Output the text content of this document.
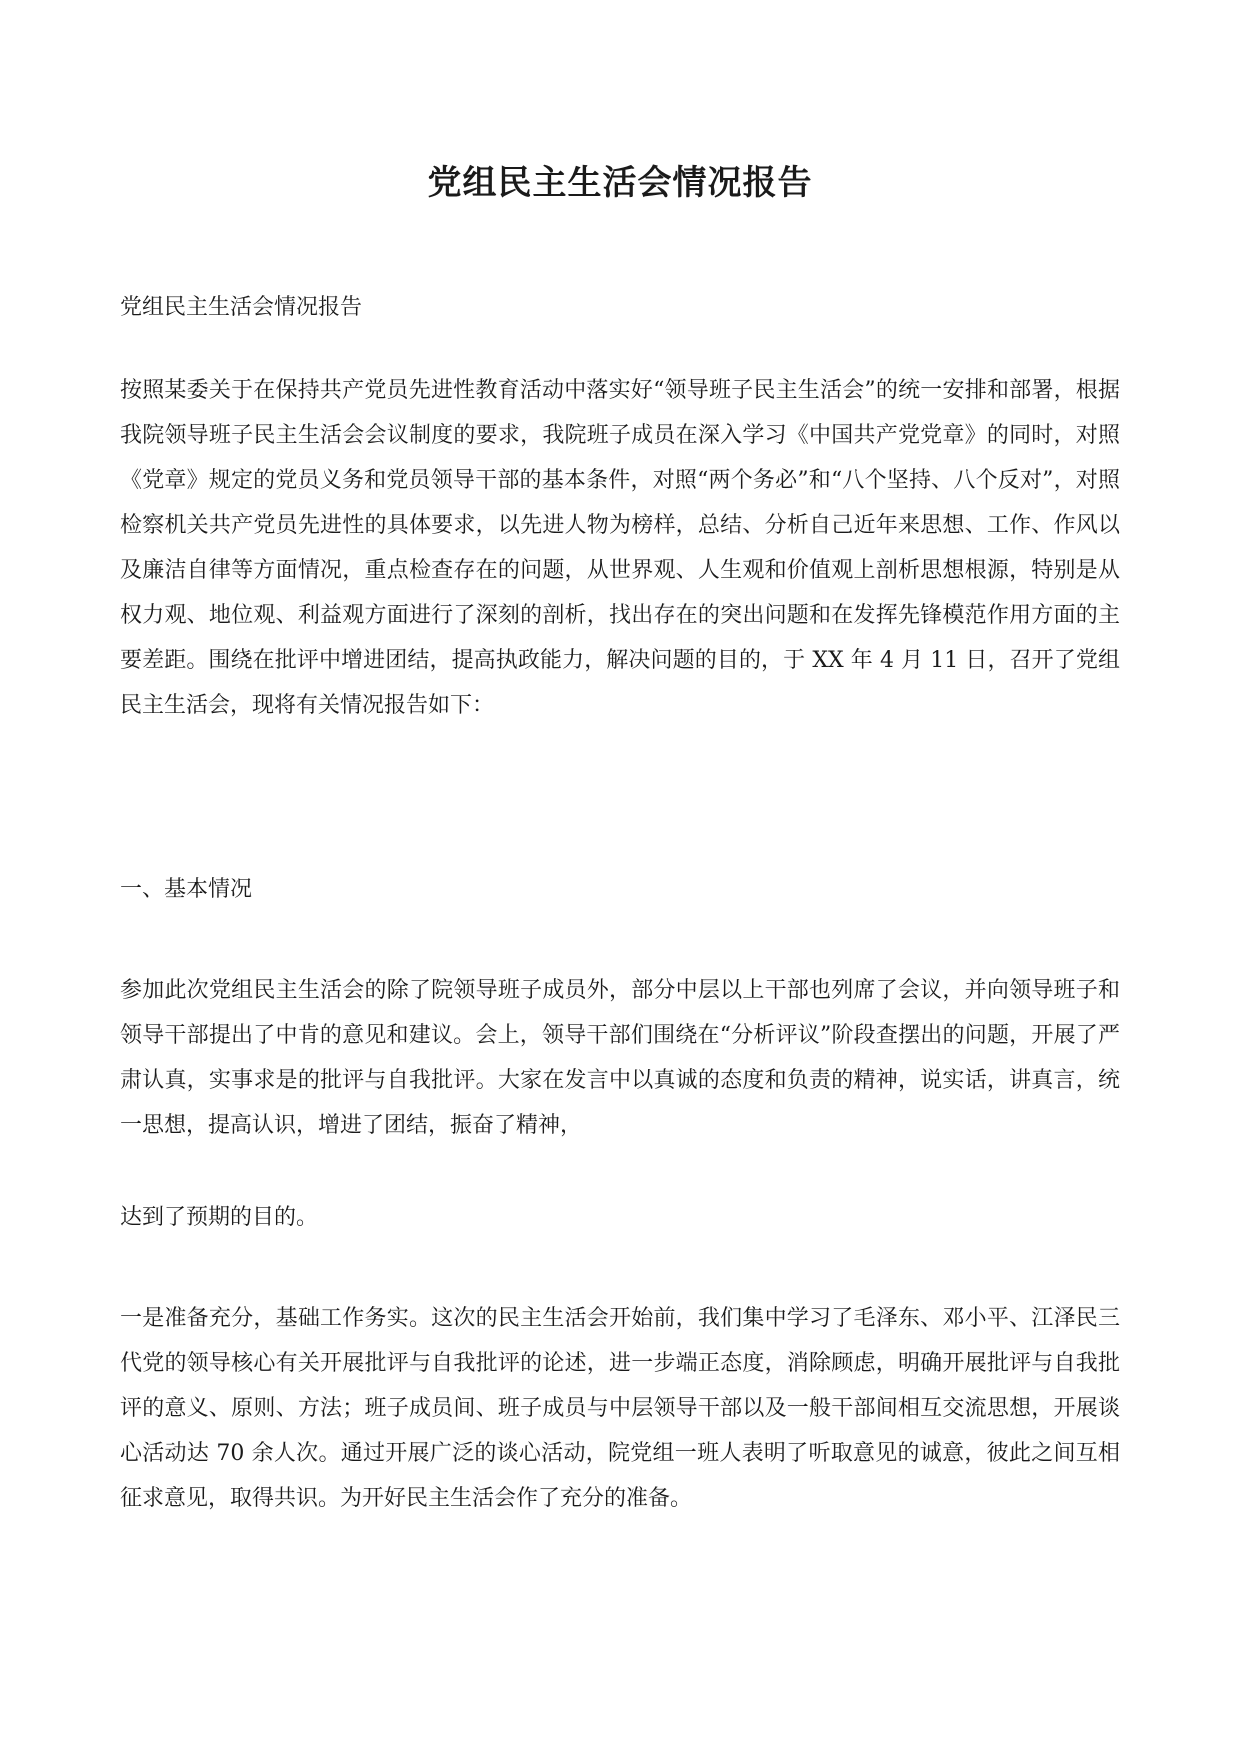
党组民主生活会情况报告

党组民主生活会情况报告

按照某委关于在保持共产党员先进性教育活动中落实好“领导班子民主生活会”的统一安排和部署，根据我院领导班子民主生活会会议制度的要求，我院班子成员在深入学习《中国共产党党章》的同时，对照《党章》规定的党员义务和党员领导干部的基本条件，对照“两个务必”和“八个坚持、八个反对”，对照检察机关共产党员先进性的具体要求，以先进人物为榜样，总结、分析自己近年来思想、工作、作风以及廉洁自律等方面情况，重点检查存在的问题，从世界观、人生观和价值观上剖析思想根源，特别是从权力观、地位观、利益观方面进行了深刻的剖析，找出存在的突出问题和在发挥先锋模范作用方面的主要差距。围绕在批评中增进团结，提高执政能力，解决问题的目的，于 XX 年 4 月 11 日，召开了党组民主生活会，现将有关情况报告如下：

一、基本情况

参加此次党组民主生活会的除了院领导班子成员外，部分中层以上干部也列席了会议，并向领导班子和领导干部提出了中肯的意见和建议。会上，领导干部们围绕在“分析评议”阶段查摆出的问题，开展了严肃认真，实事求是的批评与自我批评。大家在发言中以真诚的态度和负责的精神，说实话，讲真言，统一思想，提高认识，增进了团结，振奋了精神，

达到了预期的目的。

一是准备充分，基础工作务实。这次的民主生活会开始前，我们集中学习了毛泽东、邓小平、江泽民三代党的领导核心有关开展批评与自我批评的论述，进一步端正态度，消除顾虑，明确开展批评与自我批评的意义、原则、方法；班子成员间、班子成员与中层领导干部以及一般干部间相互交流思想，开展谈心活动达 70 余人次。通过开展广泛的谈心活动，院党组一班人表明了听取意见的诚意，彼此之间互相征求意见，取得共识。为开好民主生活会作了充分的准备。
